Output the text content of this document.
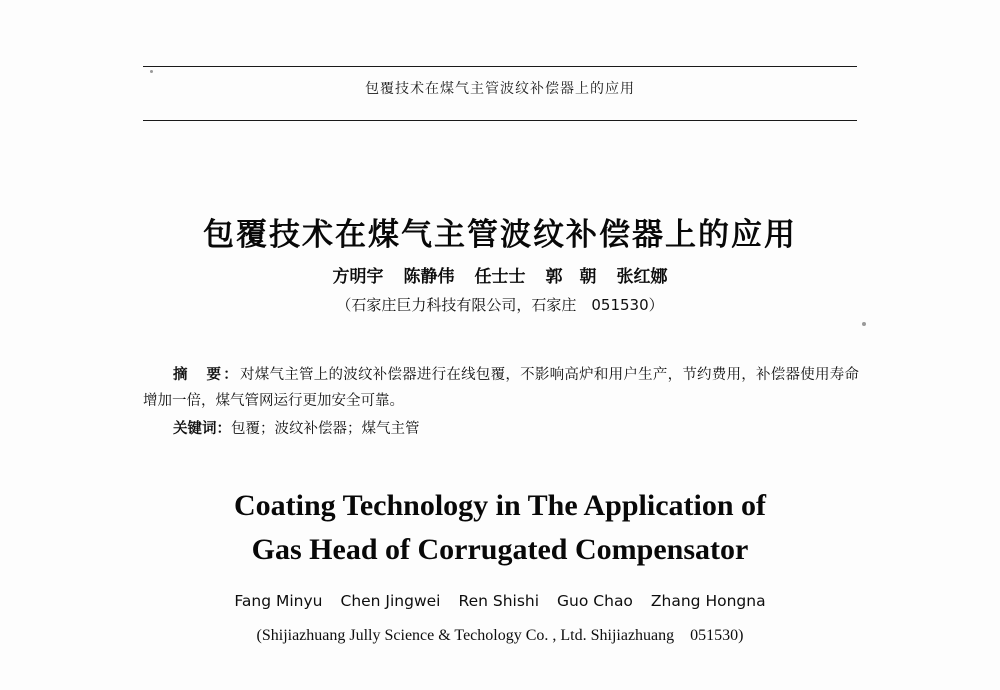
包覆技术在煤气主管波纹补偿器上的应用
包覆技术在煤气主管波纹补偿器上的应用
方明宇 陈静伟 任士士 郭　朝 张红娜
（石家庄巨力科技有限公司，石家庄　051530）

摘　要：对煤气主管上的波纹补偿器进行在线包覆，不影响高炉和用户生产，节约费用，补偿器使用寿命增加一倍，煤气管网运行更加安全可靠。

关键词：包覆；波纹补偿器；煤气主管
Coating Technology in The Application of
Gas Head of Corrugated Compensator
Fang Minyu Chen Jingwei Ren Shishi Guo Chao Zhang Hongna
(Shijiazhuang Jully Science & Techology Co. , Ltd. Shijiazhuang　051530)
